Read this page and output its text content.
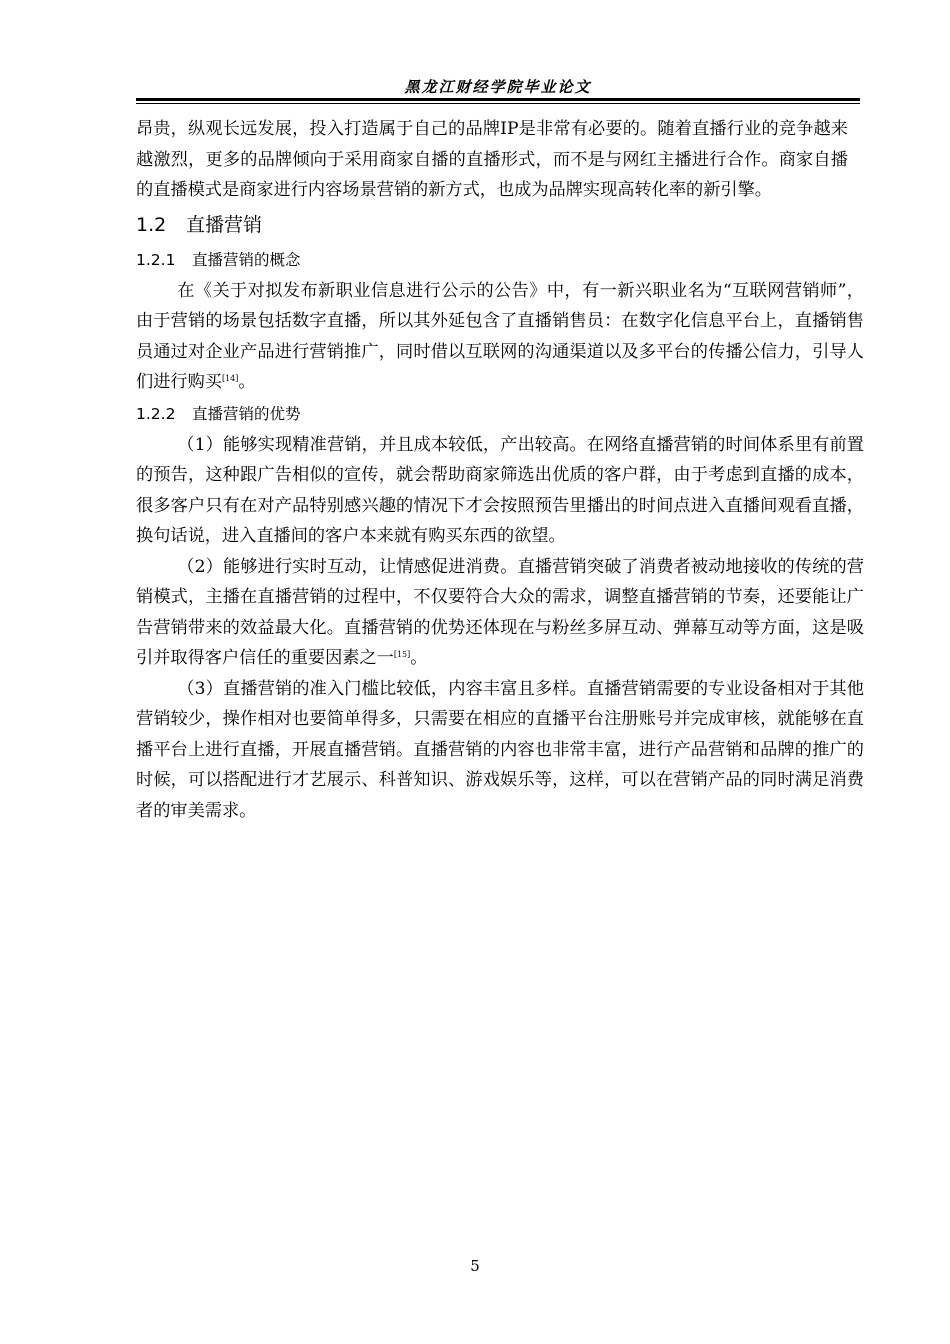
黑龙江财经学院毕业论文

昂贵，纵观长远发展，投入打造属于自己的品牌IP是非常有必要的。随着直播行业的竞争越来越激烈，更多的品牌倾向于采用商家自播的直播形式，而不是与网红主播进行合作。商家自播的直播模式是商家进行内容场景营销的新方式，也成为品牌实现高转化率的新引擎。

1.2 直播营销
1.2.1 直播营销的概念

在《关于对拟发布新职业信息进行公示的公告》中，有一新兴职业名为“互联网营销师”，由于营销的场景包括数字直播，所以其外延包含了直播销售员：在数字化信息平台上，直播销售员通过对企业产品进行营销推广，同时借以互联网的沟通渠道以及多平台的传播公信力，引导人们进行购买[14]。

1.2.2 直播营销的优势

（1）能够实现精准营销，并且成本较低，产出较高。在网络直播营销的时间体系里有前置的预告，这种跟广告相似的宣传，就会帮助商家筛选出优质的客户群，由于考虑到直播的成本，很多客户只有在对产品特别感兴趣的情况下才会按照预告里播出的时间点进入直播间观看直播，换句话说，进入直播间的客户本来就有购买东西的欲望。

（2）能够进行实时互动，让情感促进消费。直播营销突破了消费者被动地接收的传统的营销模式，主播在直播营销的过程中，不仅要符合大众的需求，调整直播营销的节奏，还要能让广告营销带来的效益最大化。直播营销的优势还体现在与粉丝多屏互动、弹幕互动等方面，这是吸引并取得客户信任的重要因素之一[15]。

（3）直播营销的准入门槛比较低，内容丰富且多样。直播营销需要的专业设备相对于其他营销较少，操作相对也要简单得多，只需要在相应的直播平台注册账号并完成审核，就能够在直播平台上进行直播，开展直播营销。直播营销的内容也非常丰富，进行产品营销和品牌的推广的时候，可以搭配进行才艺展示、科普知识、游戏娱乐等，这样，可以在营销产品的同时满足消费者的审美需求。

5
